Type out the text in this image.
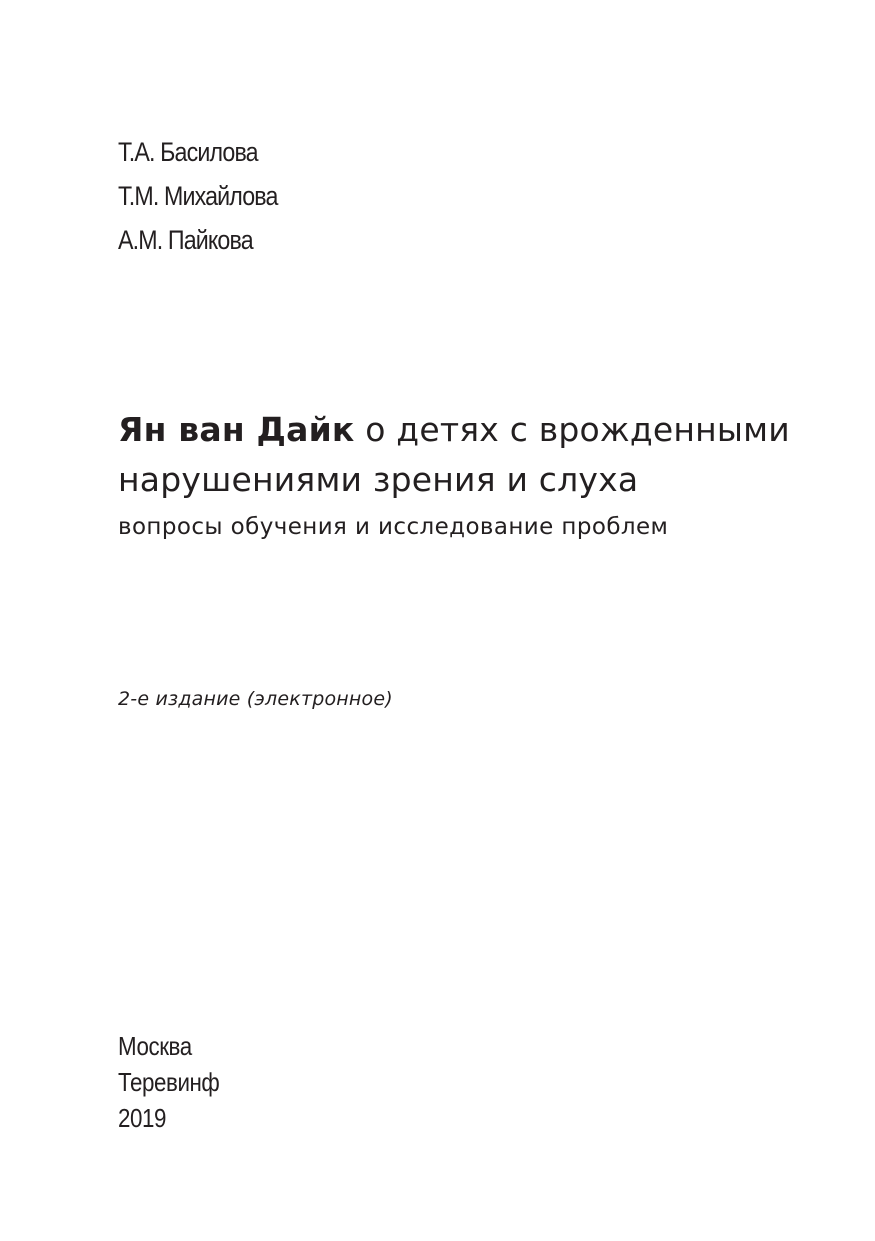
Т.А. Басилова
Т.М. Михайлова
А.М. Пайкова
Ян ван Дайк о детях с врожденными
нарушениями зрения и слуха
вопросы обучения и исследование проблем
2-е издание (электронное)
Москва
Теревинф
2019
